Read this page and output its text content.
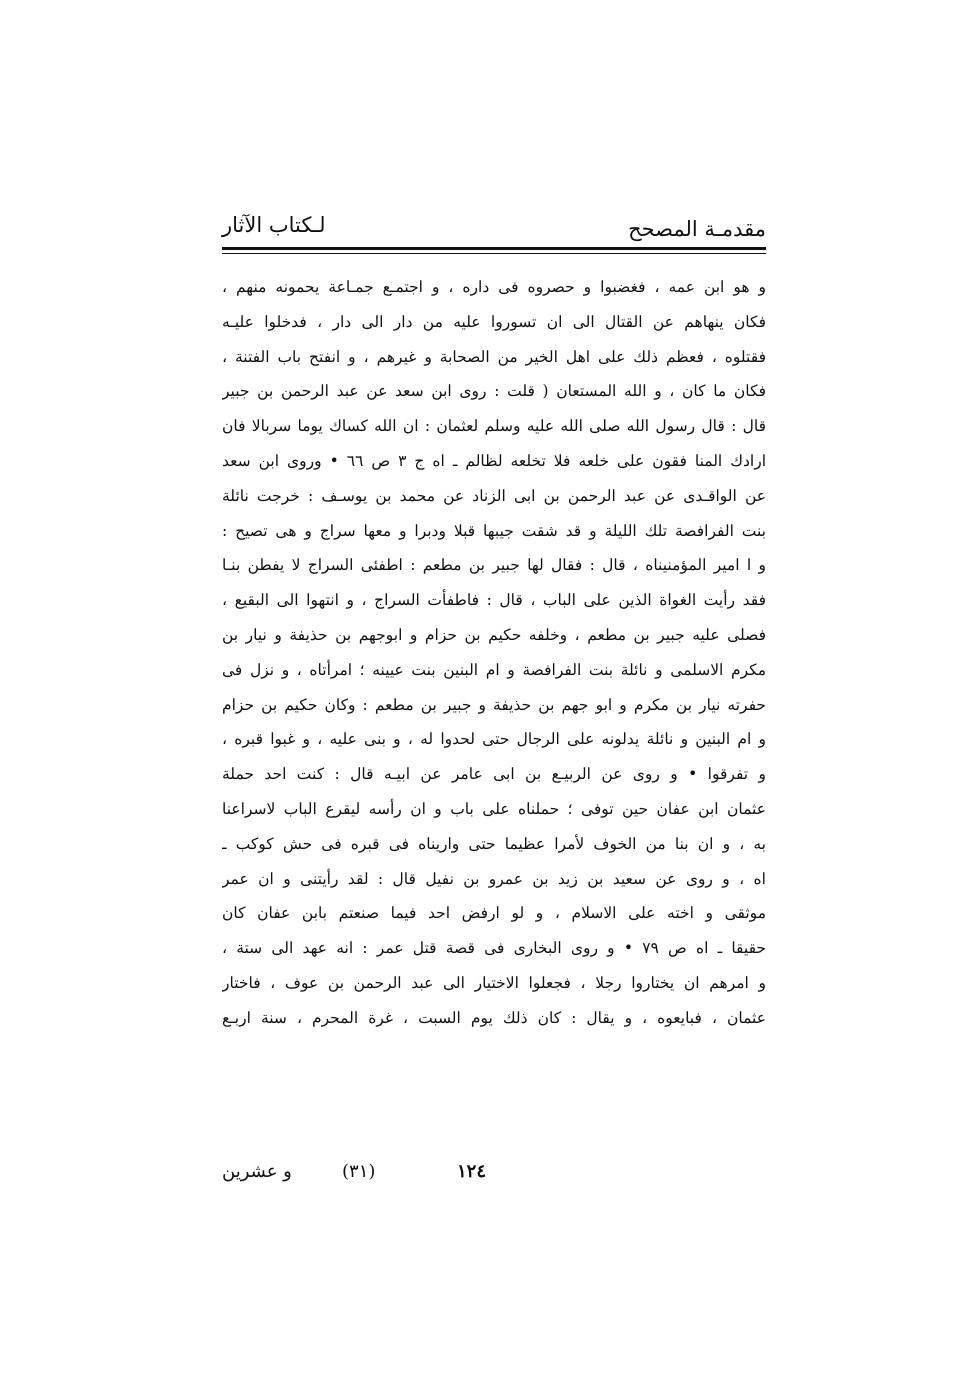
مقدمـة المصحح
لـكتاب الآثار
و هو ابن عمه ، فغضبوا و حصروه فى داره ، و اجتمـع جمـاعة يحمونه منهم ،
فكان ينهاهم عن القتال الى ان تسوروا عليه من دار الى دار ، فدخلوا عليـه
فقتلوه ، فعظم ذلك على اهل الخير من الصحابة و غيرهم ، و انفتح باب الفتنة ،
فكان ما كان ، و الله المستعان ( قلت : روى ابن سعد عن عبد الرحمن بن جبير
قال : قال رسول الله صلى الله عليه وسلم لعثمان : ان الله كساك يوما سربالا فان
ارادك المنا فقون على خلعه فلا تخلعه لظالم ـ اه ج ٣ ص ٦٦ • وروى ابن سعد
عن الواقـدى عن عبد الرحمن بن ابى الزناد عن محمد بن يوسـف : خرجت نائلة
بنت الفرافصة تلك الليلة و قد شقت جيبها قبلا ودبرا و معها سراج و هى تصيح :
و ا امير المؤمنيناه ، قال : فقال لها جبير بن مطعم : اطفئى السراج لا يفطن بنـا
فقد رأيت الغواة الذين على الباب ، قال : فاطفأت السراج ، و انتهوا الى البقيع ،
فصلى عليه جبير بن مطعم ، وخلفه حكيم بن حزام و ابوجهم بن حذيفة و نيار بن
مكرم الاسلمى و نائلة بنت الفرافصة و ام البنين بنت عيينه ؛ امرأتاه ، و نزل فى
حفرته نيار بن مكرم و ابو جهم بن حذيفة و جبير بن مطعم : وكان حكيم بن حزام
و ام البنين و نائلة يدلونه على الرجال حتى لحدوا له ، و بنى عليه ، و غبوا قبره ،
و تفرقوا • و روى عن الربيـع بن ابى عامر عن ابيـه قال : كنت احد حملة
عثمان ابن عفان حين توفى ؛ حملناه على باب و ان رأسه ليقرع الباب لاسراعنا
به ، و ان بنا من الخوف لأمرا عظيما حتى واريناه فى قبره فى حش كوكب ـ
اه ، و روى عن سعيد بن زيد بن عمرو بن نفيل قال : لقد رأيتنى و ان عمر
موثقى و اخته على الاسلام ، و لو ارفض احد فيما صنعتم بابن عفان كان
حقيقا ـ اه ص ٧٩ • و روى البخارى فى قصة قتل عمر : انه عهد الى ستة ،
و امرهم ان يختاروا رجلا ، فجعلوا الاختيار الى عبد الرحمن بن عوف ، فاختار
عثمان ، فبايعوه ، و يقال : كان ذلك يوم السبت ، غرة المحرم ، سنة اربـع
١٢٤
(٣١)
و عشرين
